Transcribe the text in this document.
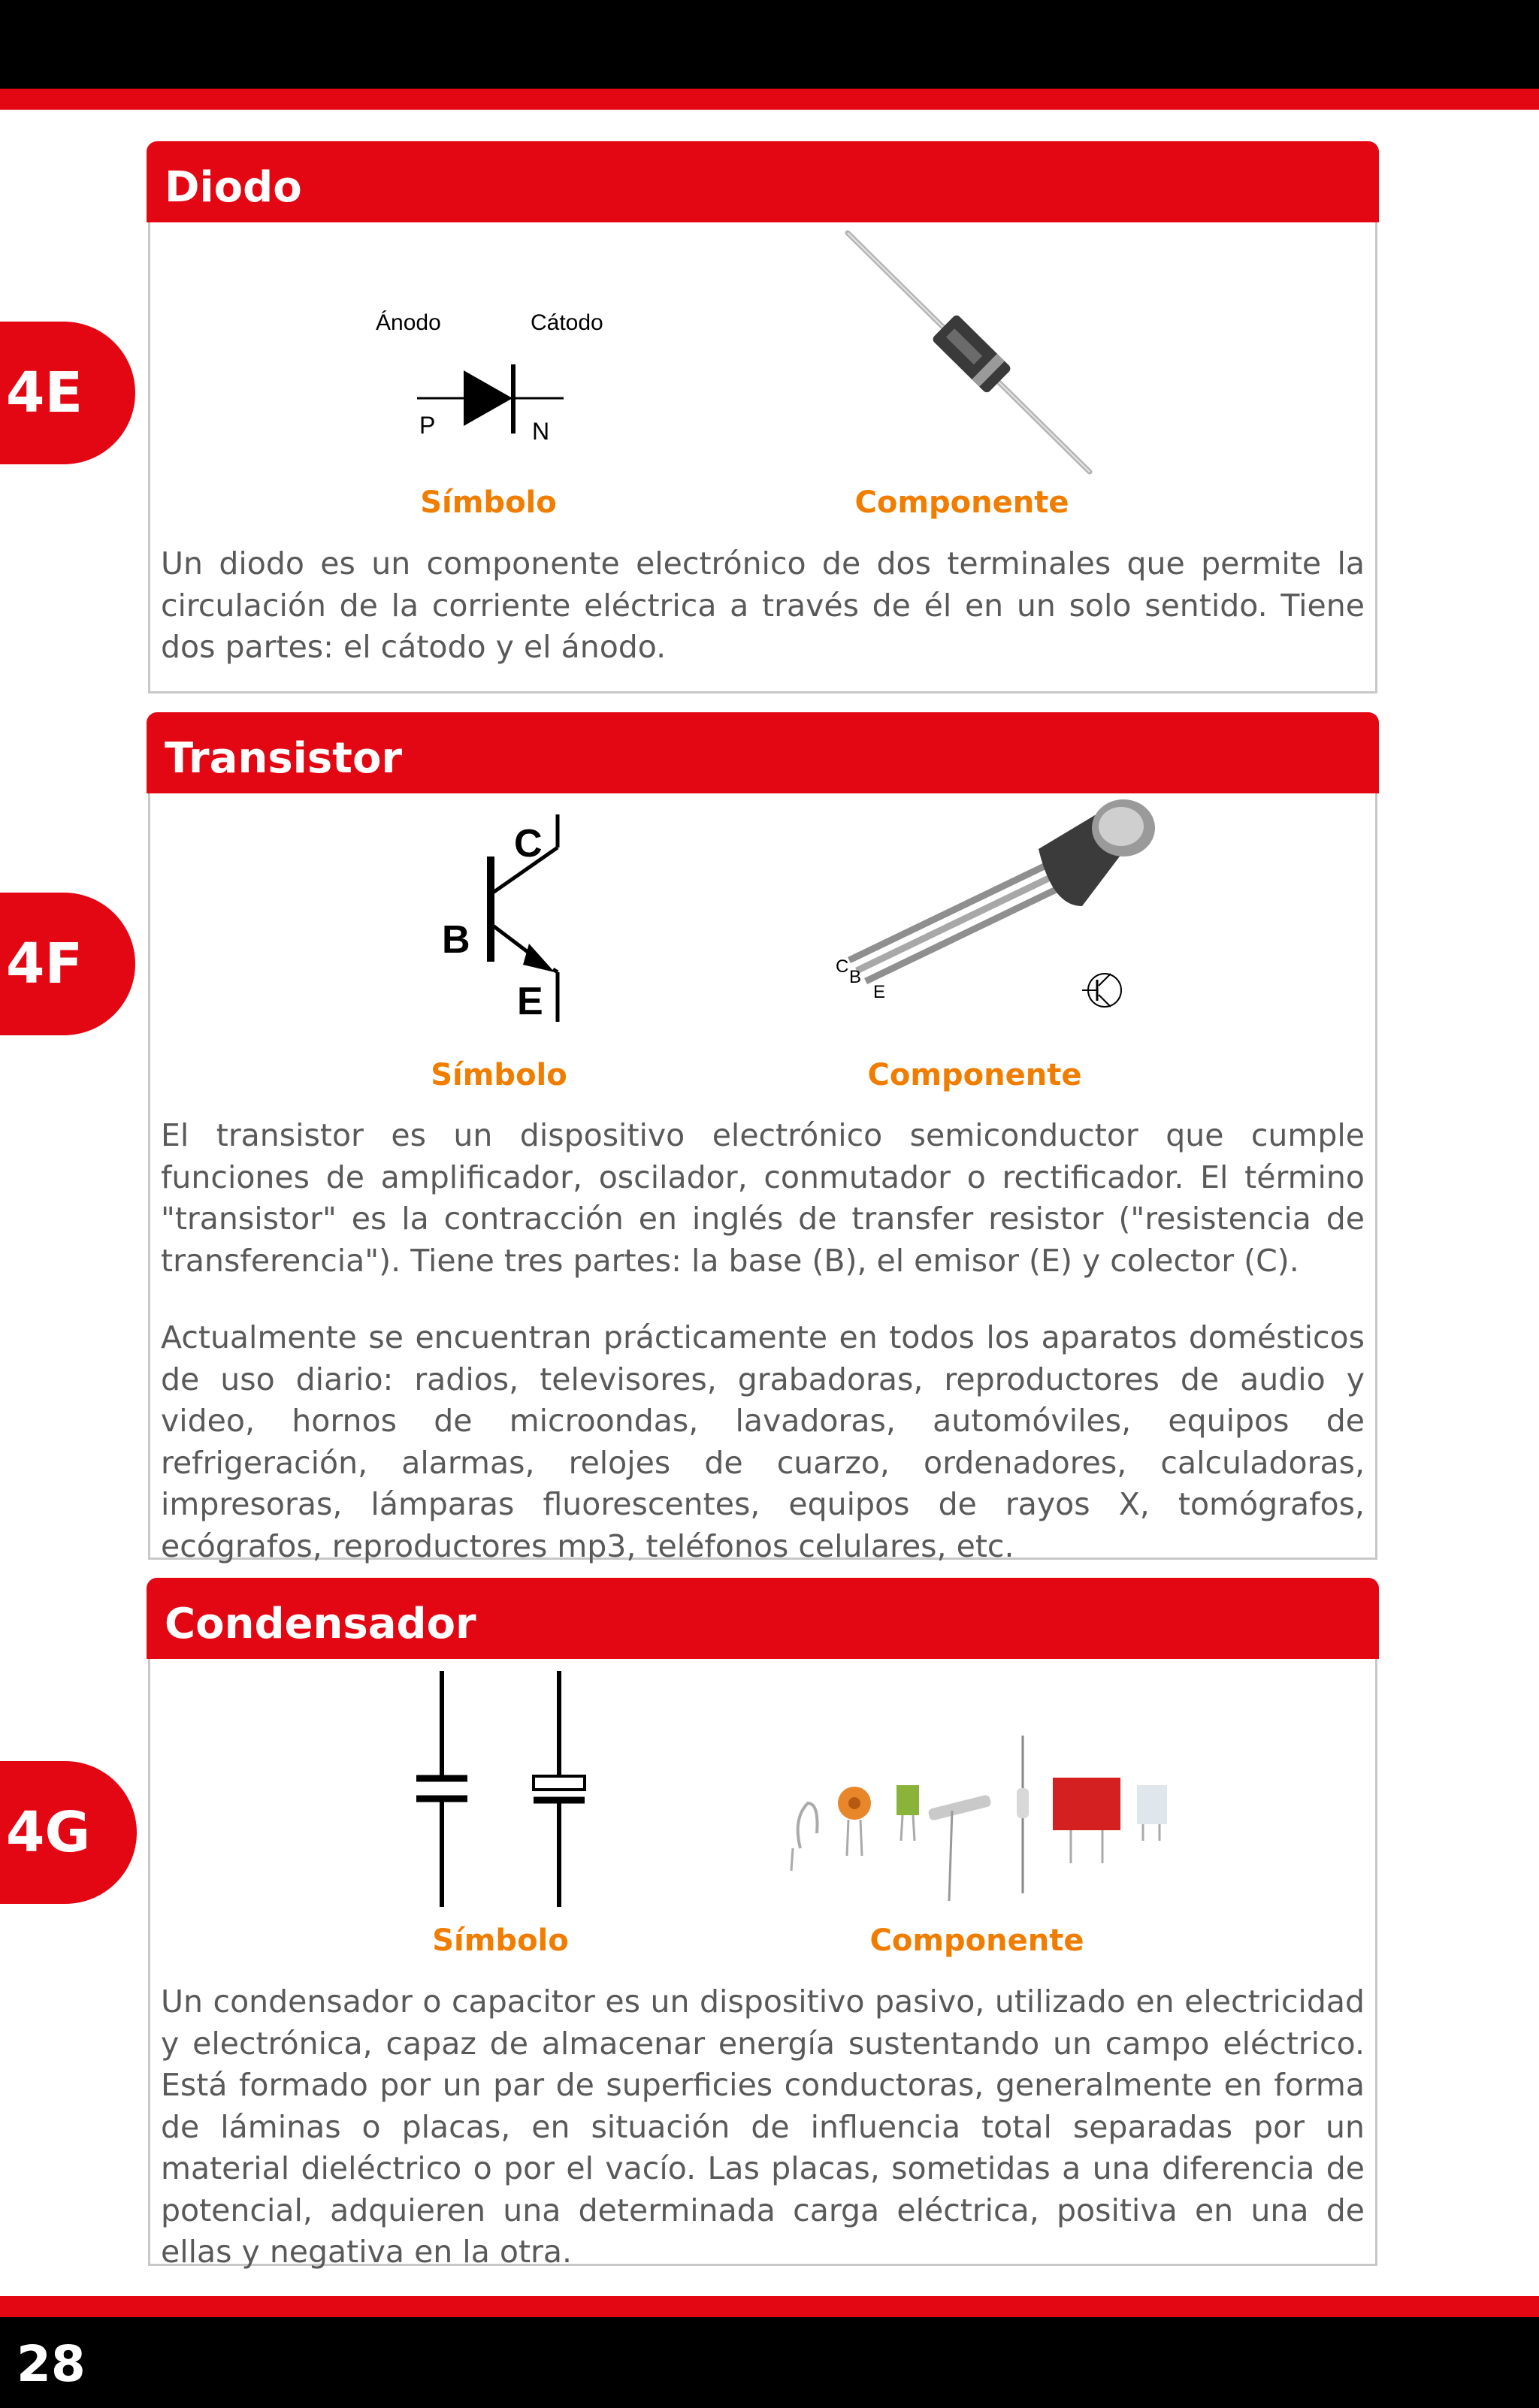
4E
Diodo
Ánodo	Cátodo
P	N
Símbolo	Componente
Un diodo es un componente electrónico de dos terminales que permite la circulación de la corriente eléctrica a través de él en un solo sentido. Tiene dos partes: el cátodo y el ánodo.
4F
Transistor
C
B
E
C
B
E
Símbolo	Componente
El transistor es un dispositivo electrónico semiconductor que cumple funciones de amplificador, oscilador, conmutador o rectificador. El término "transistor" es la contracción en inglés de transfer resistor ("resistencia de transferencia"). Tiene tres partes: la base (B), el emisor (E) y colector (C).
Actualmente se encuentran prácticamente en todos los aparatos domésticos de uso diario: radios, televisores, grabadoras, reproductores de audio y video, hornos de microondas, lavadoras, automóviles, equipos de refrigeración, alarmas, relojes de cuarzo, ordenadores, calculadoras, impresoras, lámparas fluorescentes, equipos de rayos X, tomógrafos, ecógrafos, reproductores mp3, teléfonos celulares, etc.
4G
Condensador
Símbolo	Componente
Un condensador o capacitor es un dispositivo pasivo, utilizado en electricidad y electrónica, capaz de almacenar energía sustentando un campo eléctrico. Está formado por un par de superficies conductoras, generalmente en forma de láminas o placas, en situación de influencia total separadas por un material dieléctrico o por el vacío. Las placas, sometidas a una diferencia de potencial, adquieren una determinada carga eléctrica, positiva en una de ellas y negativa en la otra.
28
